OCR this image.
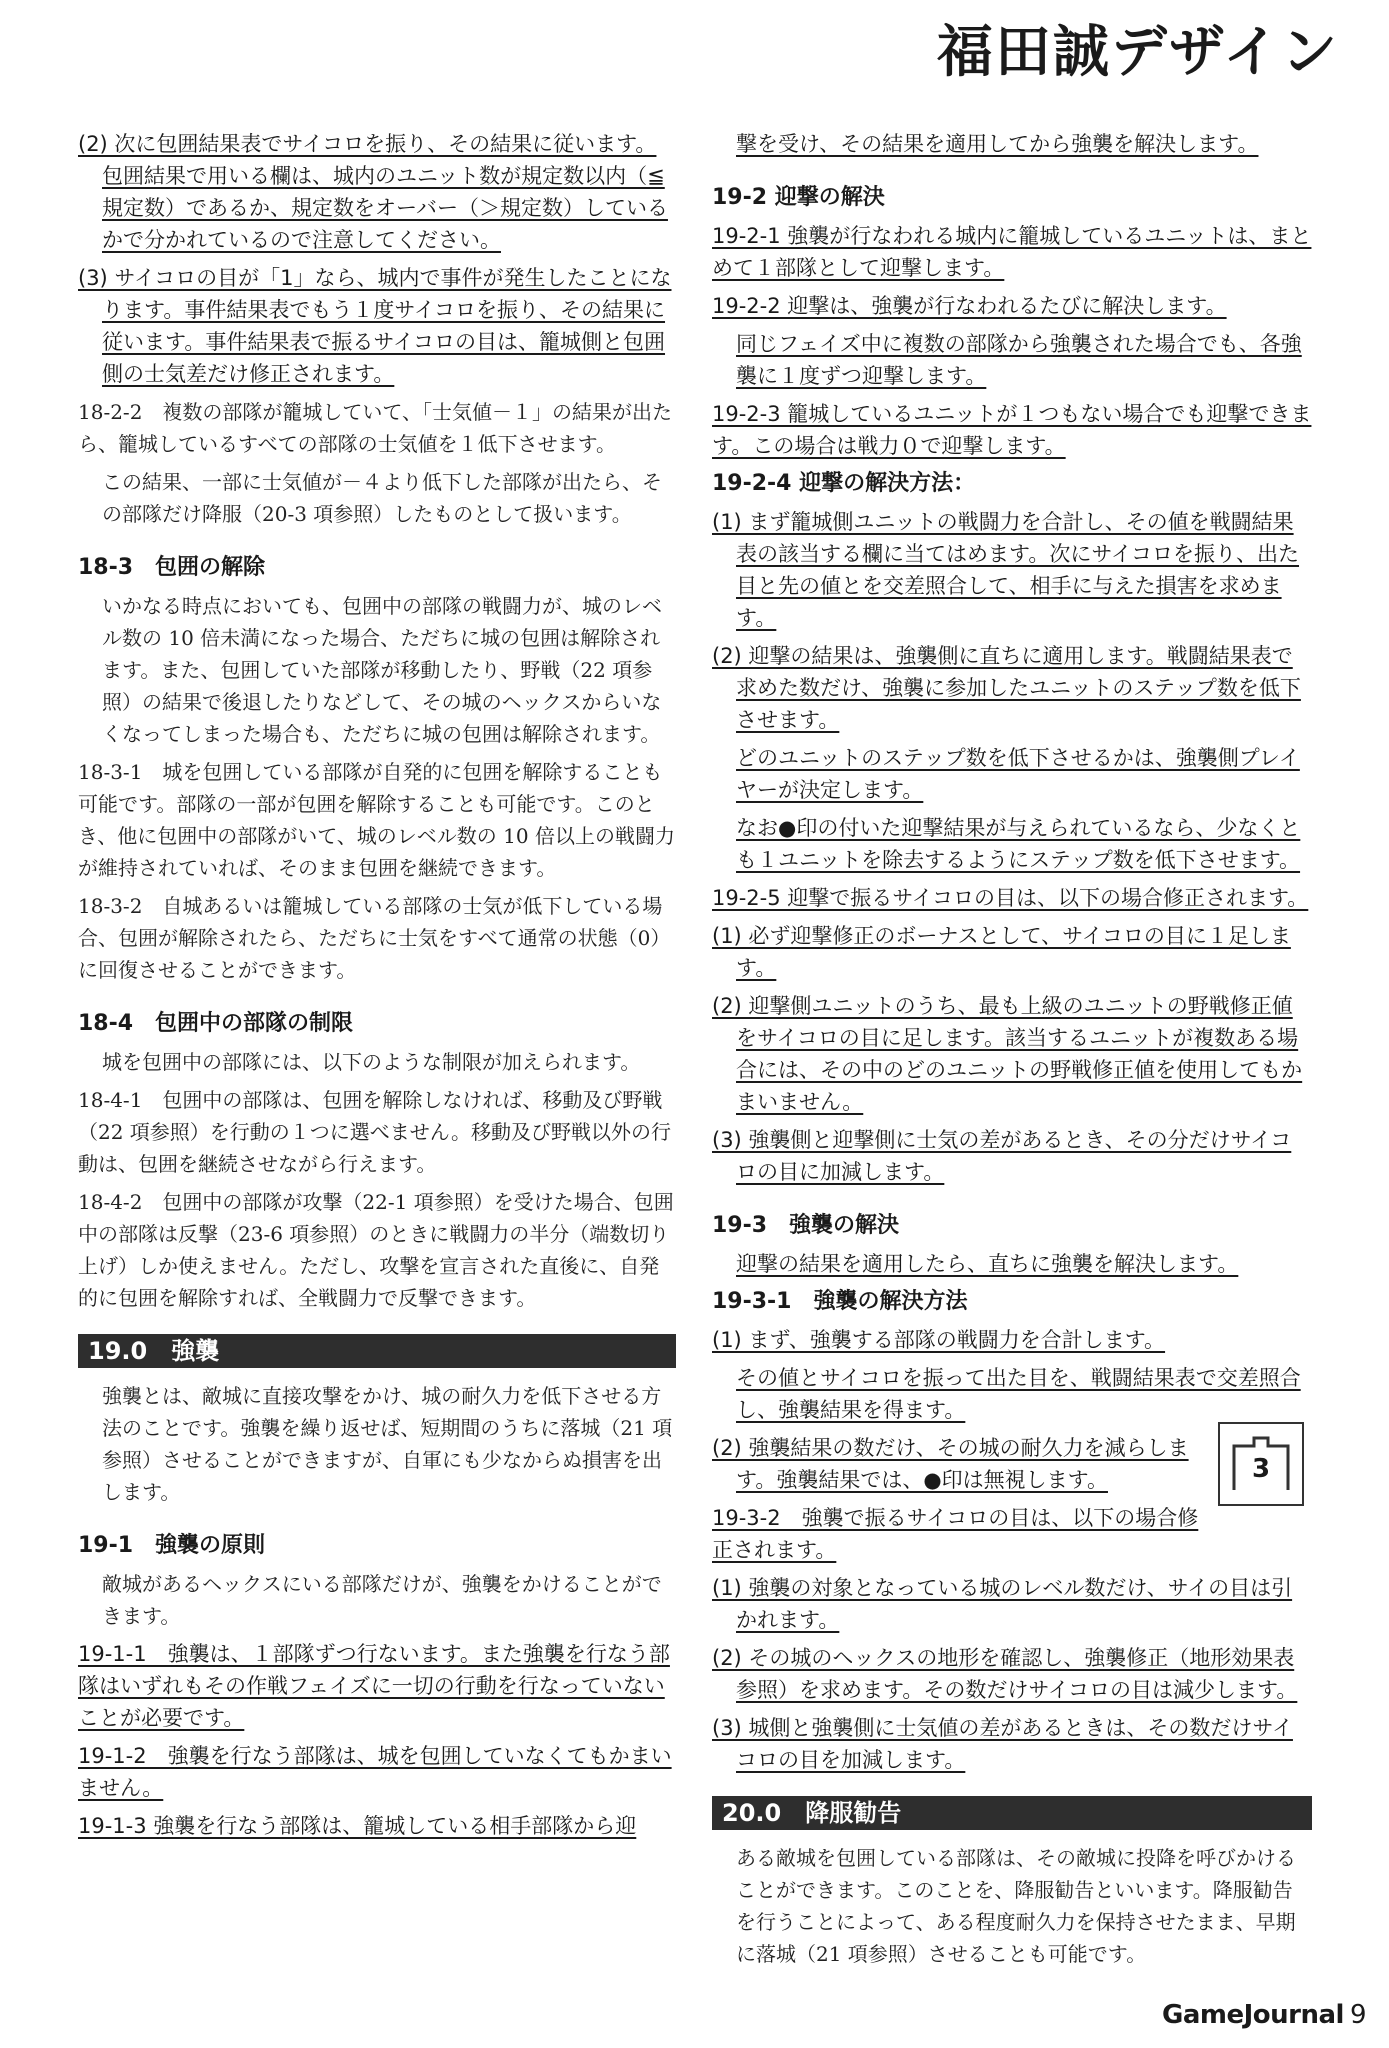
福田誠デザイン
(2) 次に包囲結果表でサイコロを振り、その結果に従います。包囲結果で用いる欄は、城内のユニット数が規定数以内（≦規定数）であるか、規定数をオーバー（＞規定数）しているかで分かれているので注意してください。
(3) サイコロの目が「1」なら、城内で事件が発生したことになります。事件結果表でもう１度サイコロを振り、その結果に従います。事件結果表で振るサイコロの目は、籠城側と包囲側の士気差だけ修正されます。
18-2-2　複数の部隊が籠城していて、「士気値－１」の結果が出たら、籠城しているすべての部隊の士気値を１低下させます。
この結果、一部に士気値が－４より低下した部隊が出たら、その部隊だけ降服（20-3 項参照）したものとして扱います。
18-3　包囲の解除
いかなる時点においても、包囲中の部隊の戦闘力が、城のレベル数の 10 倍未満になった場合、ただちに城の包囲は解除されます。また、包囲していた部隊が移動したり、野戦（22 項参照）の結果で後退したりなどして、その城のヘックスからいなくなってしまった場合も、ただちに城の包囲は解除されます。
18-3-1　城を包囲している部隊が自発的に包囲を解除することも可能です。部隊の一部が包囲を解除することも可能です。このとき、他に包囲中の部隊がいて、城のレベル数の 10 倍以上の戦闘力が維持されていれば、そのまま包囲を継続できます。
18-3-2　自城あるいは籠城している部隊の士気が低下している場合、包囲が解除されたら、ただちに士気をすべて通常の状態（0）に回復させることができます。
18-4　包囲中の部隊の制限
城を包囲中の部隊には、以下のような制限が加えられます。
18-4-1　包囲中の部隊は、包囲を解除しなければ、移動及び野戦（22 項参照）を行動の１つに選べません。移動及び野戦以外の行動は、包囲を継続させながら行えます。
18-4-2　包囲中の部隊が攻撃（22-1 項参照）を受けた場合、包囲中の部隊は反撃（23-6 項参照）のときに戦闘力の半分（端数切り上げ）しか使えません。ただし、攻撃を宣言された直後に、自発的に包囲を解除すれば、全戦闘力で反撃できます。
19.0　強襲
強襲とは、敵城に直接攻撃をかけ、城の耐久力を低下させる方法のことです。強襲を繰り返せば、短期間のうちに落城（21 項参照）させることができますが、自軍にも少なからぬ損害を出します。
19-1　強襲の原則
敵城があるヘックスにいる部隊だけが、強襲をかけることができます。
19-1-1　強襲は、１部隊ずつ行ないます。また強襲を行なう部隊はいずれもその作戦フェイズに一切の行動を行なっていないことが必要です。
19-1-2　強襲を行なう部隊は、城を包囲していなくてもかまいません。
19-1-3 強襲を行なう部隊は、籠城している相手部隊から迎
撃を受け、その結果を適用してから強襲を解決します。
19-2 迎撃の解決
19-2-1 強襲が行なわれる城内に籠城しているユニットは、まとめて１部隊として迎撃します。
19-2-2 迎撃は、強襲が行なわれるたびに解決します。
同じフェイズ中に複数の部隊から強襲された場合でも、各強襲に１度ずつ迎撃します。
19-2-3 籠城しているユニットが１つもない場合でも迎撃できます。この場合は戦力０で迎撃します。
19-2-4 迎撃の解決方法：
(1) まず籠城側ユニットの戦闘力を合計し、その値を戦闘結果表の該当する欄に当てはめます。次にサイコロを振り、出た目と先の値とを交差照合して、相手に与えた損害を求めます。
(2) 迎撃の結果は、強襲側に直ちに適用します。戦闘結果表で求めた数だけ、強襲に参加したユニットのステップ数を低下させます。
どのユニットのステップ数を低下させるかは、強襲側プレイヤーが決定します。
なお●印の付いた迎撃結果が与えられているなら、少なくとも１ユニットを除去するようにステップ数を低下させます。
19-2-5 迎撃で振るサイコロの目は、以下の場合修正されます。
(1) 必ず迎撃修正のボーナスとして、サイコロの目に１足します。
(2) 迎撃側ユニットのうち、最も上級のユニットの野戦修正値をサイコロの目に足します。該当するユニットが複数ある場合には、その中のどのユニットの野戦修正値を使用してもかまいません。
(3) 強襲側と迎撃側に士気の差があるとき、その分だけサイコロの目に加減します。
19-3　強襲の解決
迎撃の結果を適用したら、直ちに強襲を解決します。
19-3-1　強襲の解決方法
(1) まず、強襲する部隊の戦闘力を合計します。
その値とサイコロを振って出た目を、戦闘結果表で交差照合し、強襲結果を得ます。
(2) 強襲結果の数だけ、その城の耐久力を減らします。強襲結果では、●印は無視します。
19-3-2　強襲で振るサイコロの目は、以下の場合修正されます。
(1) 強襲の対象となっている城のレベル数だけ、サイの目は引かれます。
(2) その城のヘックスの地形を確認し、強襲修正（地形効果表参照）を求めます。その数だけサイコロの目は減少します。
(3) 城側と強襲側に士気値の差があるときは、その数だけサイコロの目を加減します。
20.0　降服勧告
ある敵城を包囲している部隊は、その敵城に投降を呼びかけることができます。このことを、降服勧告といいます。降服勧告を行うことによって、ある程度耐久力を保持させたまま、早期に落城（21 項参照）させることも可能です。
3
GameJournal 9
